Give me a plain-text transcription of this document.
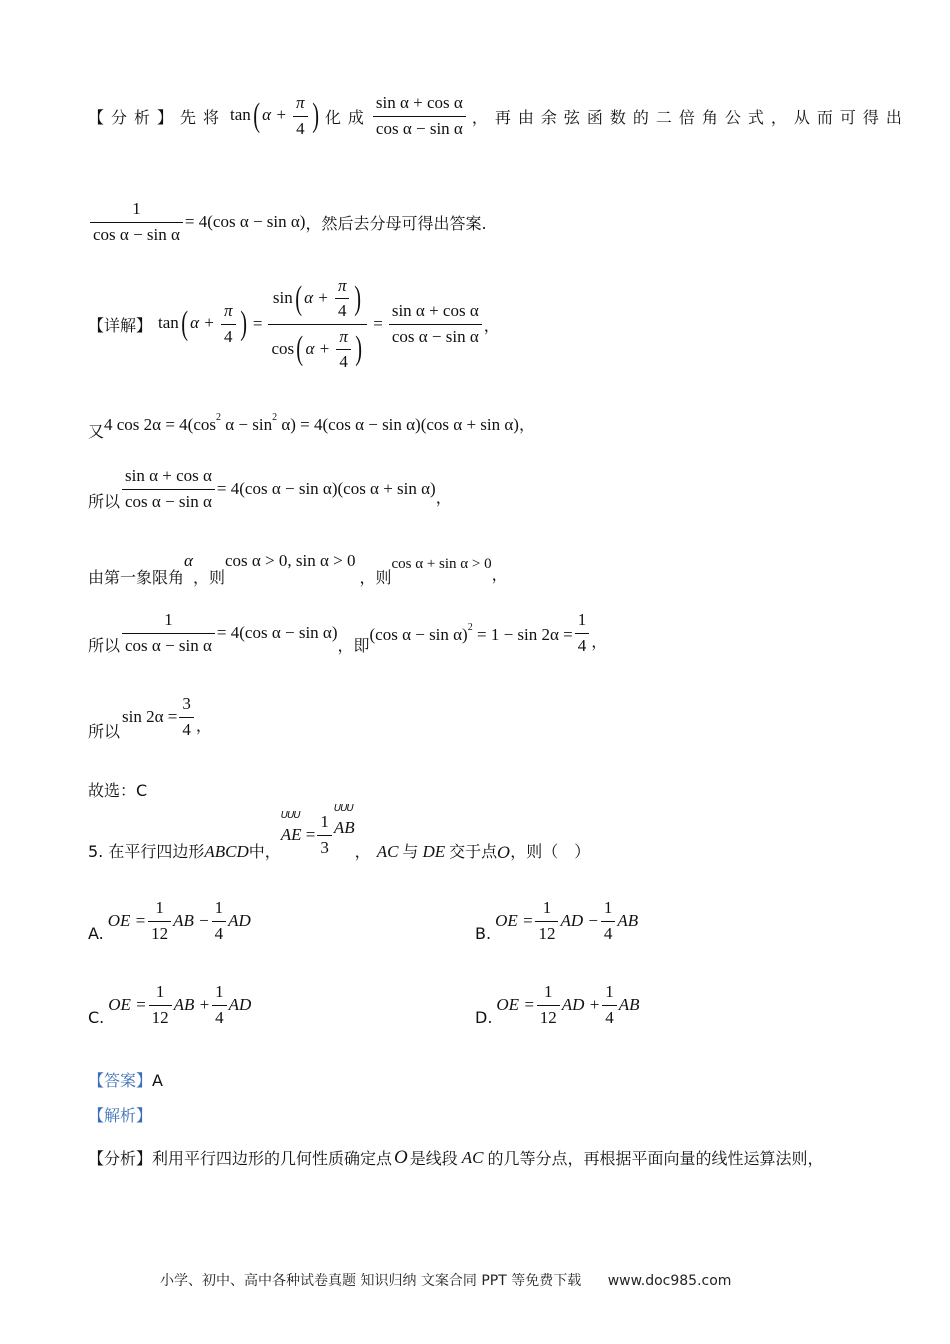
【分析】 先将 tan( $\alpha + \frac{\pi}{4}$ ) 化成 $\frac{\text{sin α + cos α}}{\text{cos α − sin α}}$ ，再由余弦函数的二倍角公式，从而可得出
$\frac{1}{\text{cos α − sin α}} = 4(\cos$ α − sin α) ，然后去分母可得出答案.
【详解】 tan( $\alpha + \frac{\pi}{4}$ ) = $\frac{\sin( \alpha + \frac{\pi}{4} )}{\cos( \alpha + \frac{\pi}{4} )} = \frac{\text{sin α + cos α}}{\text{cos α − sin α}}$ ，
又 4 $\cos 2\alpha = 4(\cos^2$ $\alpha - \sin^2 \alpha) = 4(\cos$ α − sin α)(cos α + sin α) ，
所以 $\frac{\text{sin α + cos α}}{\text{cos α − sin α}} = 4(\cos$ α − sin α)(cos α + sin α) ，
由第一象限角
α
，则
cos α > 0, sin α > 0
，则
cos α + sin α > 0
，
所以 $\frac{1}{\text{cos α − sin α}} = 4(\cos$ α − sin α)
，即
(cos $\alpha - \sin \alpha)^2 = 1 - \sin 2\alpha = \frac{1}{4}$ ，
所以
$\sin 2\alpha = \frac{3}{4}$ ，
故选：C
5. 在平行四边形 ABCD 中，
UUU AE
= $\frac{1}{3}$
UUU AB
， AC 与 DE 交于点 O ，则（　）
A.
OE = $\frac{1}{12}$ AB − $\frac{1}{4}$ AD
B.
OE = $\frac{1}{12}$ AD − $\frac{1}{4}$ AB
C.
OE = $\frac{1}{12}$ AB + $\frac{1}{4}$ AD
D.
OE = $\frac{1}{12}$ AD + $\frac{1}{4}$ AB
【答案】A
【解析】
【分析】 利用平行四边形的几何性质确定点 O 是线段 AC 的几等分点，再根据平面向量的线性运算法则，
小学、初中、高中各种试卷真题 知识归纳 文案合同 PPT 等免费下载 www.doc985.com
